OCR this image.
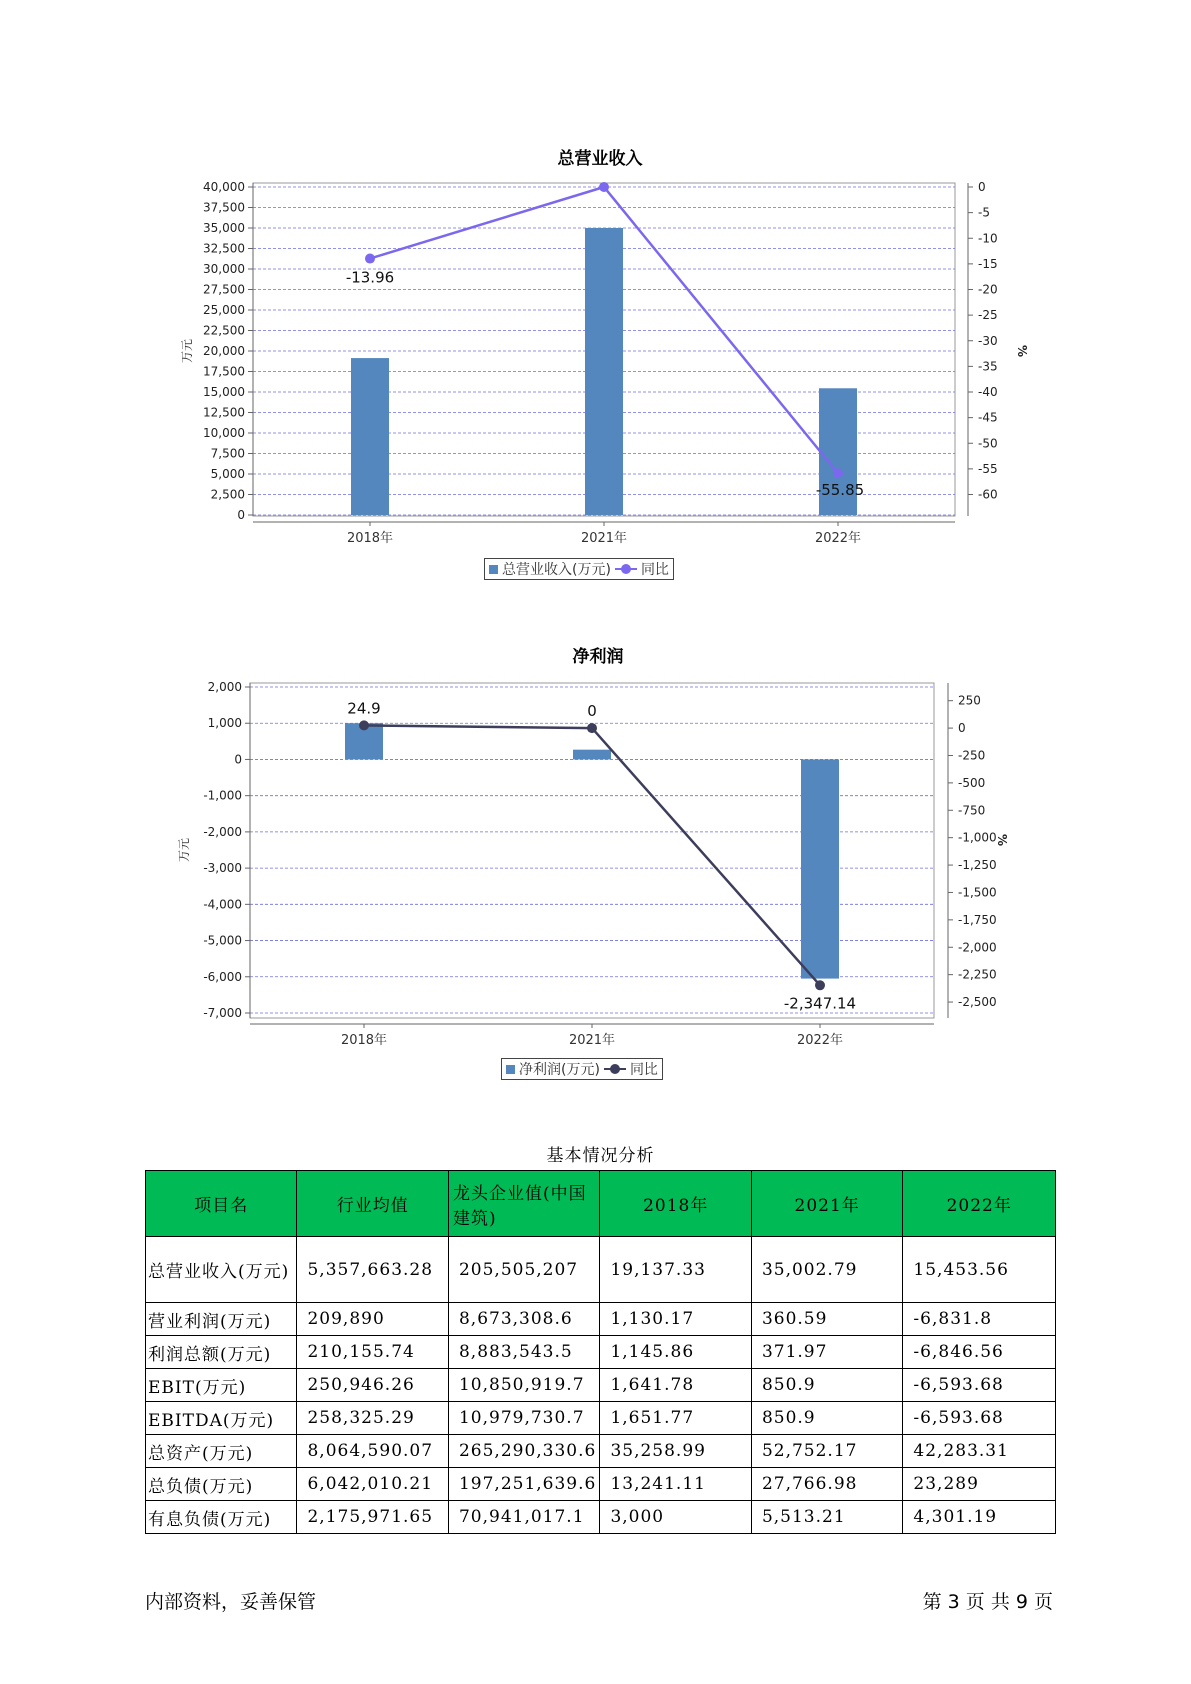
总营业收入
0
2,500
5,000
7,500
10,000
12,500
15,000
17,500
20,000
22,500
25,000
27,500
30,000
32,500
35,000
37,500
40,000	0
-5
-10
-15
-20
-25
-30
-35
-40
-45
-50
-55
-60
万元	%
2018年	2021年	2022年
-13.96
-55.85
总营业收入(万元) 同比
净利润
-7,000
-6,000
-5,000
-4,000
-3,000
-2,000
-1,000
0
1,000
2,000
-2,500
-2,250
-2,000
-1,750
-1,500
-1,250
-1,000
-750
-500
-250
0
250
万元	%
2018年	2021年	2022年
24.9	0
-2,347.14
净利润(万元) 同比
基本情况分析
项目名	行业均值	龙头企业值(中国建筑)	2018年	2021年	2022年
总营业收入(万元)	5,357,663.28	205,505,207	19,137.33	35,002.79	15,453.56
营业利润(万元)	209,890	8,673,308.6	1,130.17	360.59	-6,831.8
利润总额(万元)	210,155.74	8,883,543.5	1,145.86	371.97	-6,846.56
EBIT(万元)	250,946.26	10,850,919.7	1,641.78	850.9	-6,593.68
EBITDA(万元)	258,325.29	10,979,730.7	1,651.77	850.9	-6,593.68
总资产(万元)	8,064,590.07	265,290,330.6	35,258.99	52,752.17	42,283.31
总负债(万元)	6,042,010.21	197,251,639.6	13,241.11	27,766.98	23,289
有息负债(万元)	2,175,971.65	70,941,017.1	3,000	5,513.21	4,301.19
内部资料，妥善保管	第 3 页 共 9 页
